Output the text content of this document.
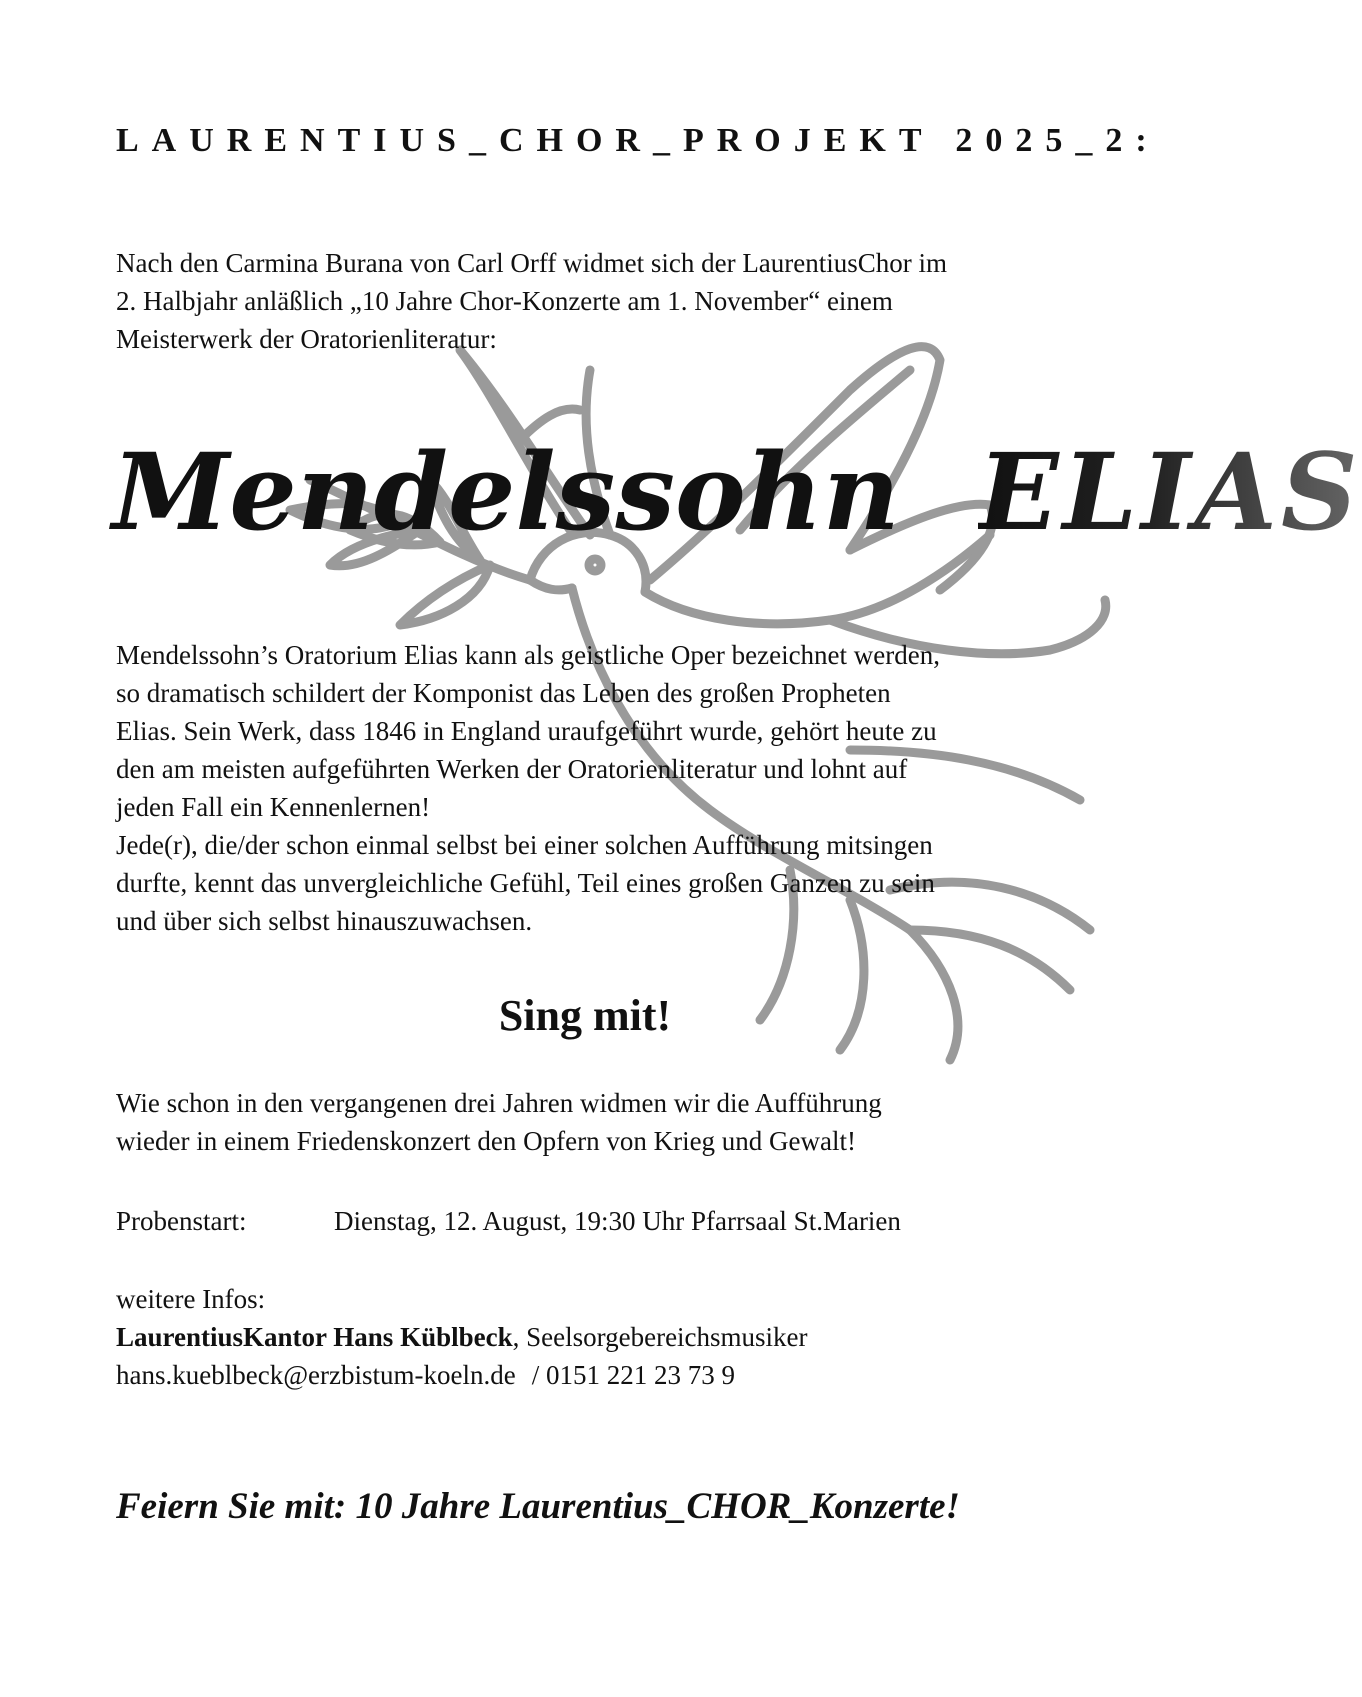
LAURENTIUS_CHOR_PROJEKT 2025_2:

Nach den Carmina Burana von Carl Orff widmet sich der LaurentiusChor im

2. Halbjahr anläßlich „10 Jahre Chor-Konzerte am 1. November“ einem

Meisterwerk der Oratorienliteratur:

Mendelssohn ELIAS

Mendelssohn’s Oratorium Elias kann als geistliche Oper bezeichnet werden,

so dramatisch schildert der Komponist das Leben des großen Propheten

Elias. Sein Werk, dass 1846 in England uraufgeführt wurde, gehört heute zu

den am meisten aufgeführten Werken der Oratorienliteratur und lohnt auf

jeden Fall ein Kennenlernen!

Jede(r), die/der schon einmal selbst bei einer solchen Aufführung mitsingen

durfte, kennt das unvergleichliche Gefühl, Teil eines großen Ganzen zu sein

und über sich selbst hinauszuwachsen.

Sing mit!

Wie schon in den vergangenen drei Jahren widmen wir die Aufführung

wieder in einem Friedenskonzert den Opfern von Krieg und Gewalt!

Probenstart:	Dienstag, 12. August, 19:30 Uhr Pfarrsaal St.Marien
weitere Infos:
LaurentiusKantor Hans Küblbeck, Seelsorgebereichsmusiker
hans.kueblbeck@erzbistum-koeln.de / 0151 221 23 73 9
Feiern Sie mit: 10 Jahre Laurentius_CHOR_Konzerte!
